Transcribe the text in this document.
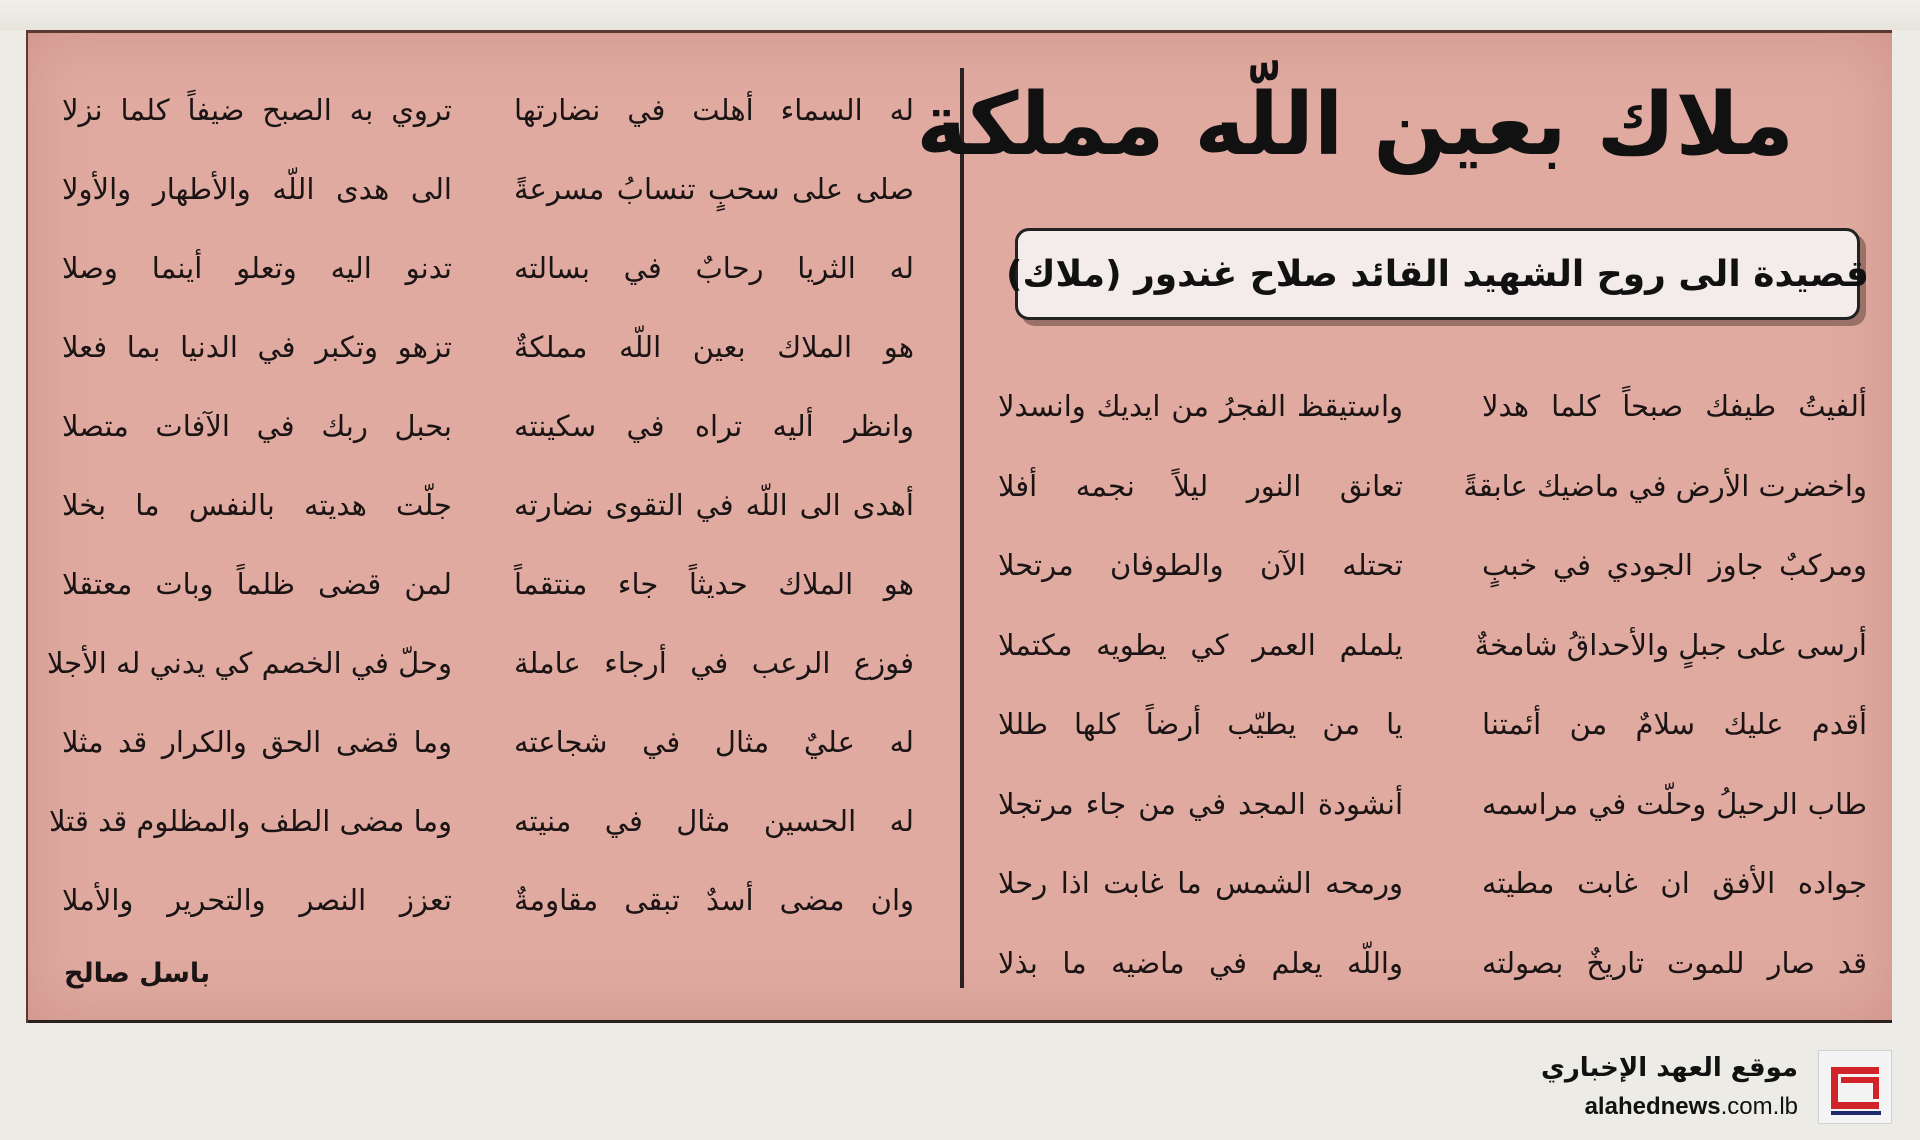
ملاك بعين اللّه مملكة
قصيدة الى روح الشهيد القائد صلاح غندور (ملاك)
ألفيتُ طيفك صبحاً كلما هدلا
واستيقظ الفجرُ من ايديك وانسدلا
واخضرت الأرض في ماضيك عابقةً
تعانق النور ليلاً نجمه أفلا
ومركبٌ جاوز الجودي في خببٍ
تحتله الآن والطوفان مرتحلا
أرسى على جبلٍ والأحداقُ شامخةٌ
يلملم العمر كي يطويه مكتملا
أقدم عليك سلامٌ من أئمتنا
يا من يطيّب أرضاً كلها طللا
طاب الرحيلُ وحلّت في مراسمه
أنشودة المجد في من جاء مرتجلا
جواده الأفق ان غابت مطيته
ورمحه الشمس ما غابت اذا رحلا
قد صار للموت تاريخٌ بصولته
واللّه يعلم في ماضيه ما بذلا
له السماء أهلت في نضارتها
تروي به الصبح ضيفاً كلما نزلا
صلى على سحبٍ تنسابُ مسرعةً
الى هدى اللّه والأطهار والأولا
له الثريا رحابٌ في بسالته
تدنو اليه وتعلو أينما وصلا
هو الملاك بعين اللّه مملكةٌ
تزهو وتكبر في الدنيا بما فعلا
وانظر أليه تراه في سكينته
بحبل ربك في الآفات متصلا
أهدى الى اللّه في التقوى نضارته
جلّت هديته بالنفس ما بخلا
هو الملاك حديثاً جاء منتقماً
لمن قضى ظلماً وبات معتقلا
فوزع الرعب في أرجاء عاملة
وحلّ في الخصم كي يدني له الأجلا
له عليٌ مثال في شجاعته
وما قضى الحق والكرار قد مثلا
له الحسين مثال في منيته
وما مضى الطف والمظلوم قد قتلا
وان مضى أسدٌ تبقى مقاومةٌ
تعزز النصر والتحرير والأملا
باسل صالح
موقع العهد الإخباري
alahednews.com.lb
